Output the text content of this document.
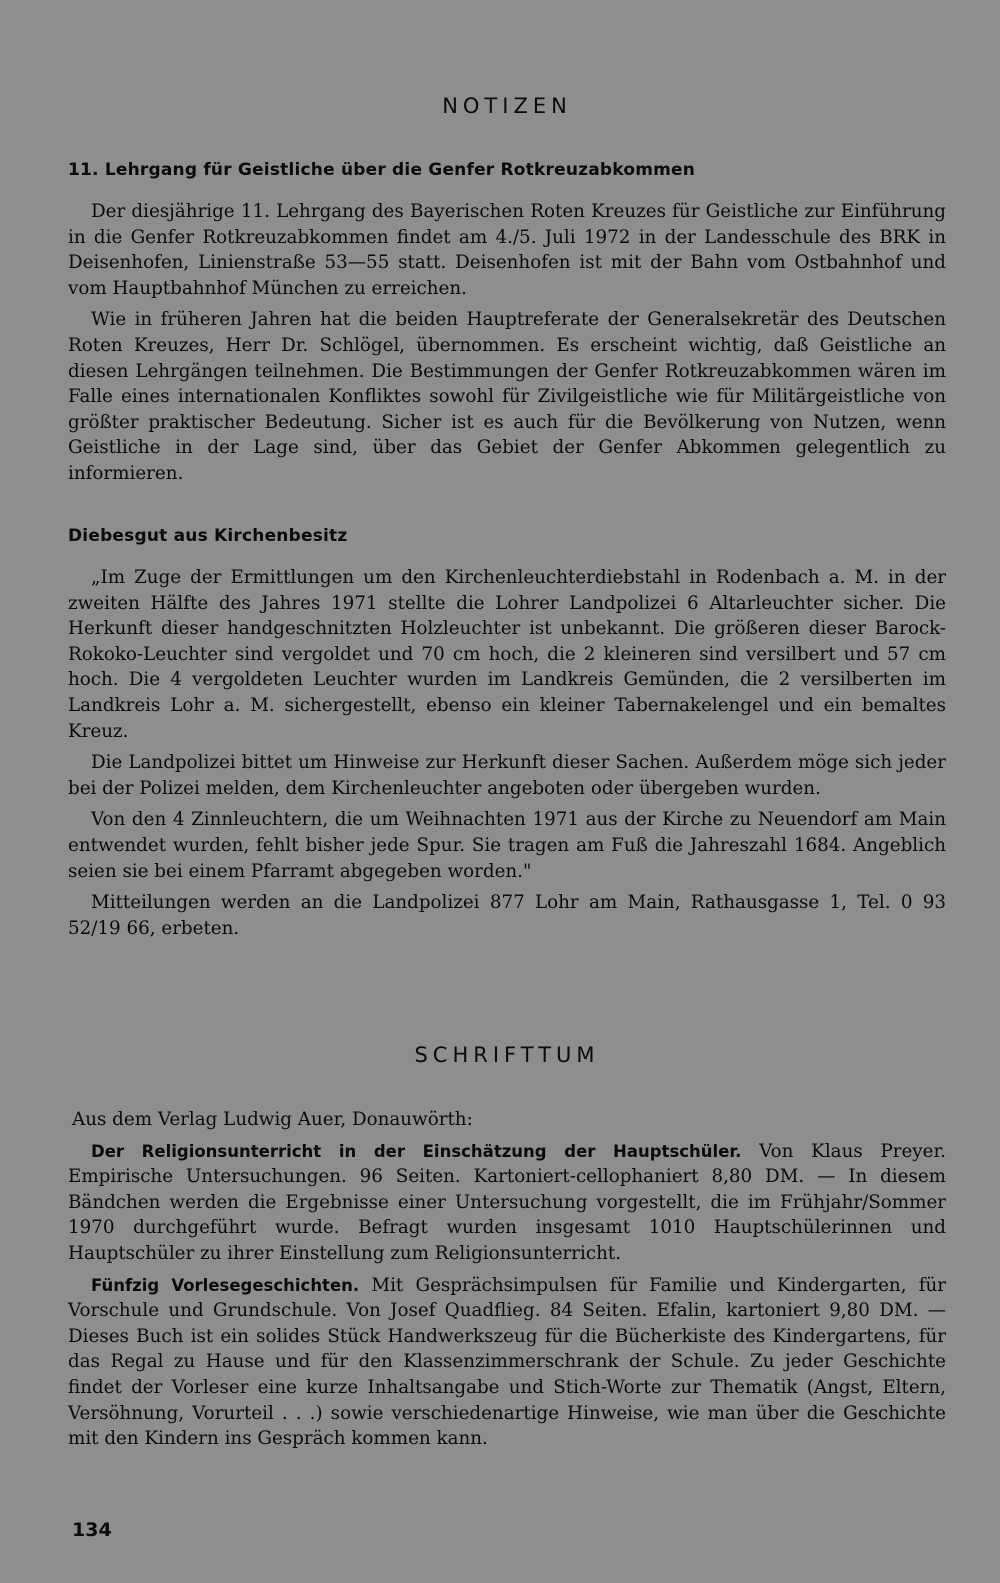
NOTIZEN
11. Lehrgang für Geistliche über die Genfer Rotkreuzabkommen

Der diesjährige 11. Lehrgang des Bayerischen Roten Kreuzes für Geistliche zur Einführung in die Genfer Rotkreuzabkommen findet am 4./5. Juli 1972 in der Landesschule des BRK in Deisenhofen, Linienstraße 53—55 statt. Deisenhofen ist mit der Bahn vom Ostbahnhof und vom Hauptbahnhof München zu erreichen.

Wie in früheren Jahren hat die beiden Hauptreferate der Generalsekretär des Deutschen Roten Kreuzes, Herr Dr. Schlögel, übernommen. Es erscheint wichtig, daß Geistliche an diesen Lehrgängen teilnehmen. Die Bestimmungen der Genfer Rotkreuzabkommen wären im Falle eines internationalen Konfliktes sowohl für Zivilgeistliche wie für Militärgeistliche von größter praktischer Bedeutung. Sicher ist es auch für die Bevölkerung von Nutzen, wenn Geistliche in der Lage sind, über das Gebiet der Genfer Abkommen gelegentlich zu informieren.

Diebesgut aus Kirchenbesitz

„Im Zuge der Ermittlungen um den Kirchenleuchterdiebstahl in Rodenbach a. M. in der zweiten Hälfte des Jahres 1971 stellte die Lohrer Landpolizei 6 Altarleuchter sicher. Die Herkunft dieser handgeschnitzten Holzleuchter ist unbekannt. Die größeren dieser Barock-Rokoko-Leuchter sind vergoldet und 70 cm hoch, die 2 kleineren sind versilbert und 57 cm hoch. Die 4 vergoldeten Leuchter wurden im Landkreis Gemünden, die 2 versilberten im Landkreis Lohr a. M. sichergestellt, ebenso ein kleiner Tabernakelengel und ein bemaltes Kreuz.

Die Landpolizei bittet um Hinweise zur Herkunft dieser Sachen. Außerdem möge sich jeder bei der Polizei melden, dem Kirchenleuchter angeboten oder übergeben wurden.

Von den 4 Zinnleuchtern, die um Weihnachten 1971 aus der Kirche zu Neuendorf am Main entwendet wurden, fehlt bisher jede Spur. Sie tragen am Fuß die Jahreszahl 1684. Angeblich seien sie bei einem Pfarramt abgegeben worden."

Mitteilungen werden an die Landpolizei 877 Lohr am Main, Rathausgasse 1, Tel. 0 93 52/19 66, erbeten.

SCHRIFTTUM

Aus dem Verlag Ludwig Auer, Donauwörth:

Der Religionsunterricht in der Einschätzung der Hauptschüler. Von Klaus Preyer. Empirische Untersuchungen. 96 Seiten. Kartoniert-cellophaniert 8,80 DM. — In diesem Bändchen werden die Ergebnisse einer Untersuchung vorgestellt, die im Frühjahr/Sommer 1970 durchgeführt wurde. Befragt wurden insgesamt 1010 Hauptschülerinnen und Hauptschüler zu ihrer Einstellung zum Religionsunterricht.

Fünfzig Vorlesegeschichten. Mit Gesprächsimpulsen für Familie und Kindergarten, für Vorschule und Grundschule. Von Josef Quadflieg. 84 Seiten. Efalin, kartoniert 9,80 DM. — Dieses Buch ist ein solides Stück Handwerkszeug für die Bücherkiste des Kindergartens, für das Regal zu Hause und für den Klassenzimmerschrank der Schule. Zu jeder Geschichte findet der Vorleser eine kurze Inhaltsangabe und Stich-Worte zur Thematik (Angst, Eltern, Versöhnung, Vorurteil . . .) sowie verschiedenartige Hinweise, wie man über die Geschichte mit den Kindern ins Gespräch kommen kann.

134
